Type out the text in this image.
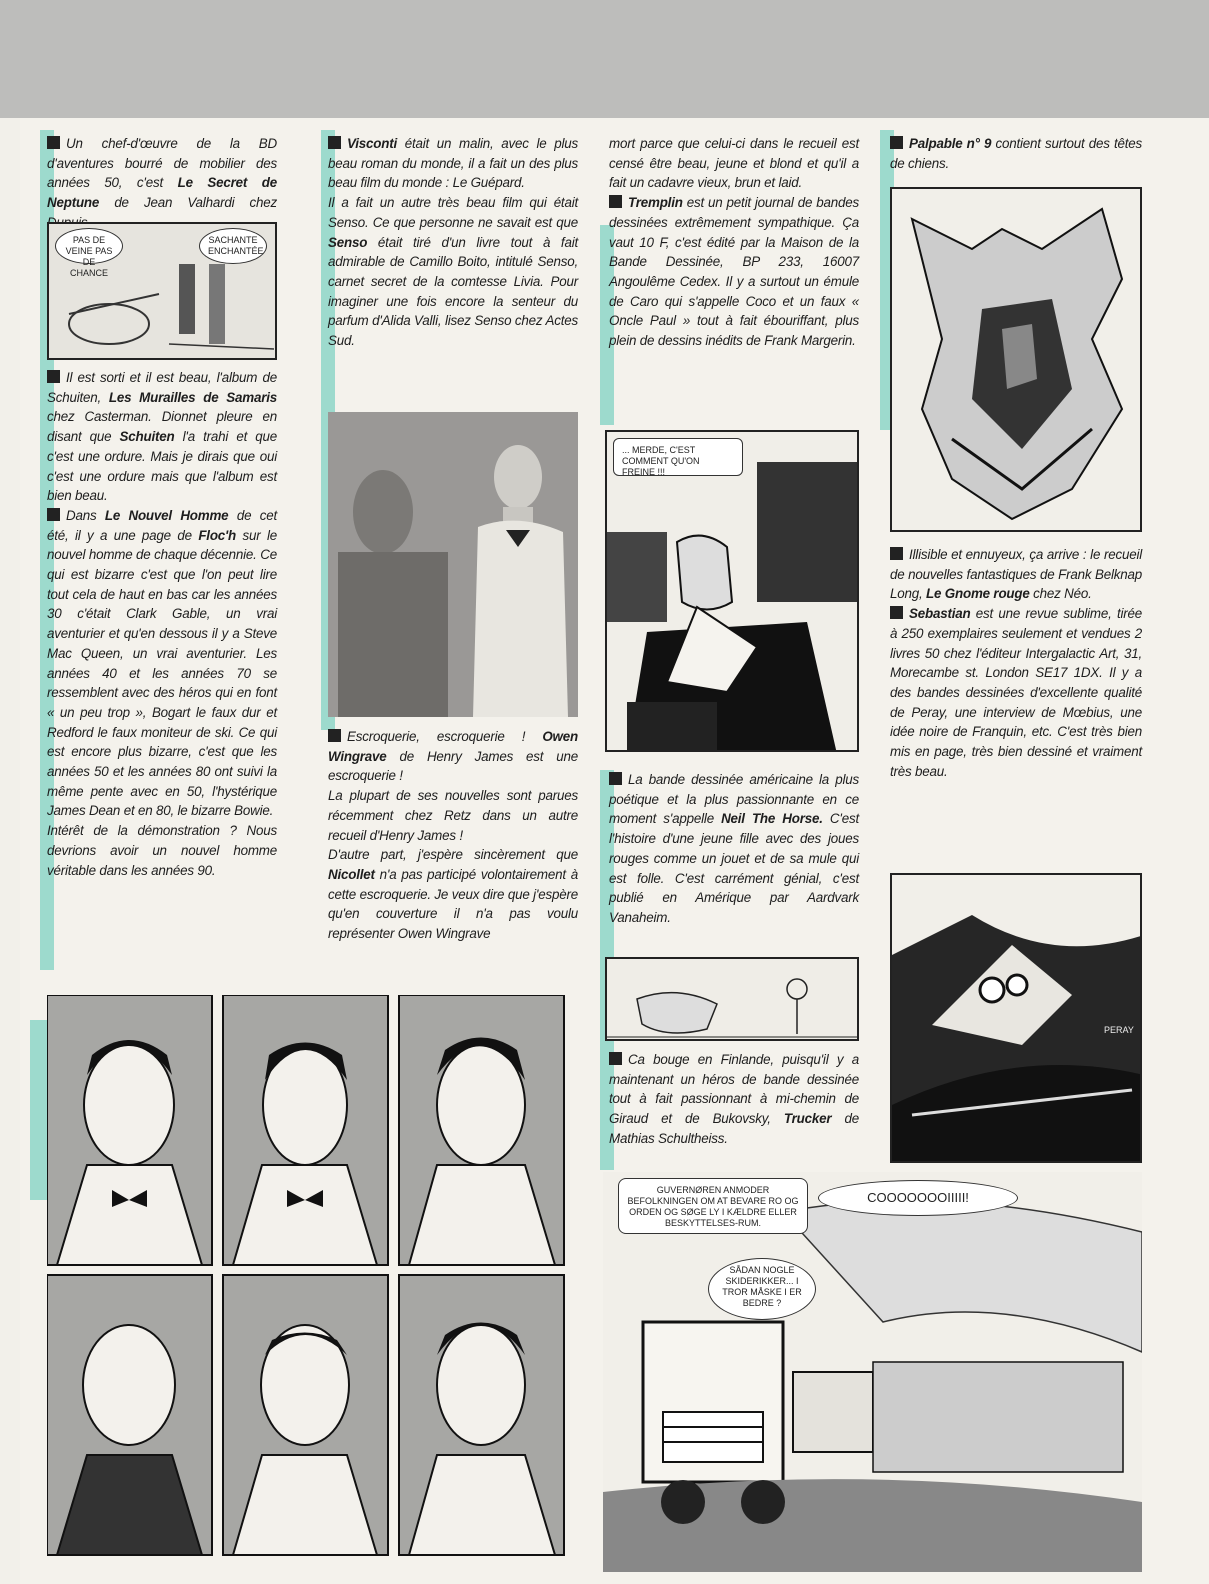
Un chef-d'œuvre de la BD d'aventures bourré de mobilier des années 50, c'est Le Secret de Neptune de Jean Valhardi chez

PAS DE VEINE PAS DE CHANCE
SACHANTE ENCHANTÉE

Il est sorti et il est beau, l'album de Schuiten, Les Murailles de Samaris chez Casterman. Dionnet pleure en disant que Schuiten l'a trahi et que c'est une ordure. Mais je dirais que oui c'est une ordure mais que l'album est bien beau.

Dans Le Nouvel Homme de cet été, il y a une page de Floc'h sur le nouvel homme de chaque décennie. Ce qui est bizarre c'est que l'on peut lire tout cela de haut en bas car les années 30 c'était Clark Gable, un vrai aventurier et qu'en dessous il y a Steve Mac Queen, un vrai aventurier. Les années 40 et les années 70 se ressemblent avec des héros qui en font « un peu trop », Bogart le faux dur et Redford le faux moniteur de ski. Ce qui est encore plus bizarre, c'est que les années 50 et les années 80 ont suivi la même pente avec en 50, l'hystérique James Dean et en 80, le bizarre Bowie.

Intérêt de la démonstration ? Nous devrions avoir un nouvel homme véritable dans les années 90.

Visconti était un malin, avec le plus beau roman du monde, il a fait un des plus beau film du monde : Le Guépard.

Il a fait un autre très beau film qui était Senso. Ce que personne ne savait est que Senso était tiré d'un livre tout à fait admirable de Camillo Boito, intitulé Senso, carnet secret de la comtesse Livia. Pour imaginer une fois encore la senteur du parfum d'Alida Valli, lisez Senso chez Actes Sud.

Escroquerie, escroquerie ! Owen Wingrave de Henry James est une escroquerie !

La plupart de ses nouvelles sont parues récemment chez Retz dans un autre recueil d'Henry James !

D'autre part, j'espère sincèrement que Nicollet n'a pas participé volontairement à cette escroquerie. Je veux dire que j'espère qu'en couverture il n'a pas voulu représenter Owen Wingrave

mort parce que celui-ci dans le recueil est censé être beau, jeune et blond et qu'il a fait un cadavre vieux, brun et laid.

Tremplin est un petit journal de bandes dessinées extrêmement sympathique. Ça vaut 10 F, c'est édité par la Maison de la Bande Dessinée, BP 233, 16007 Angoulême Cedex. Il y a surtout un émule de Caro qui s'appelle Coco et un faux « Oncle Paul » tout à fait ébouriffant, plus plein de dessins inédits de Frank Margerin.

... MERDE, C'EST COMMENT QU'ON FREINE !!!

La bande dessinée américaine la plus poétique et la plus passionnante en ce moment s'appelle Neil The Horse. C'est l'histoire d'une jeune fille avec des joues rouges comme un jouet et de sa mule qui est folle. C'est carrément génial, c'est publié en Amérique par Aardvark Vanaheim.

Ca bouge en Finlande, puisqu'il y a maintenant un héros de bande dessinée tout à fait passionnant à mi-chemin de Giraud et de Bukovsky, Trucker de Mathias Schultheiss.

Palpable n° 9 contient surtout des têtes de chiens.

Illisible et ennuyeux, ça arrive : le recueil de nouvelles fantastiques de Frank Belknap Long, Le Gnome rouge chez Néo.

Sebastian est une revue sublime, tirée à 250 exemplaires seulement et vendues 2 livres 50 chez l'éditeur Intergalactic Art, 31, Morecambe st. London SE17 1DX. Il y a des bandes dessinées d'excellente qualité de Peray, une interview de Mœbius, une idée noire de Franquin, etc. C'est très bien mis en page, très bien dessiné et vraiment très beau.

PERAY
GUVERNØREN ANMODER BEFOLKNINGEN OM AT BEVARE RO OG ORDEN OG SØGE LY I KÆLDRE ELLER BESKYTTELSES-RUM.
COOOOOOOIIIII!
SÅDAN NOGLE SKIDERIKKER... I TROR MÅSKE I ER BEDRE ?
